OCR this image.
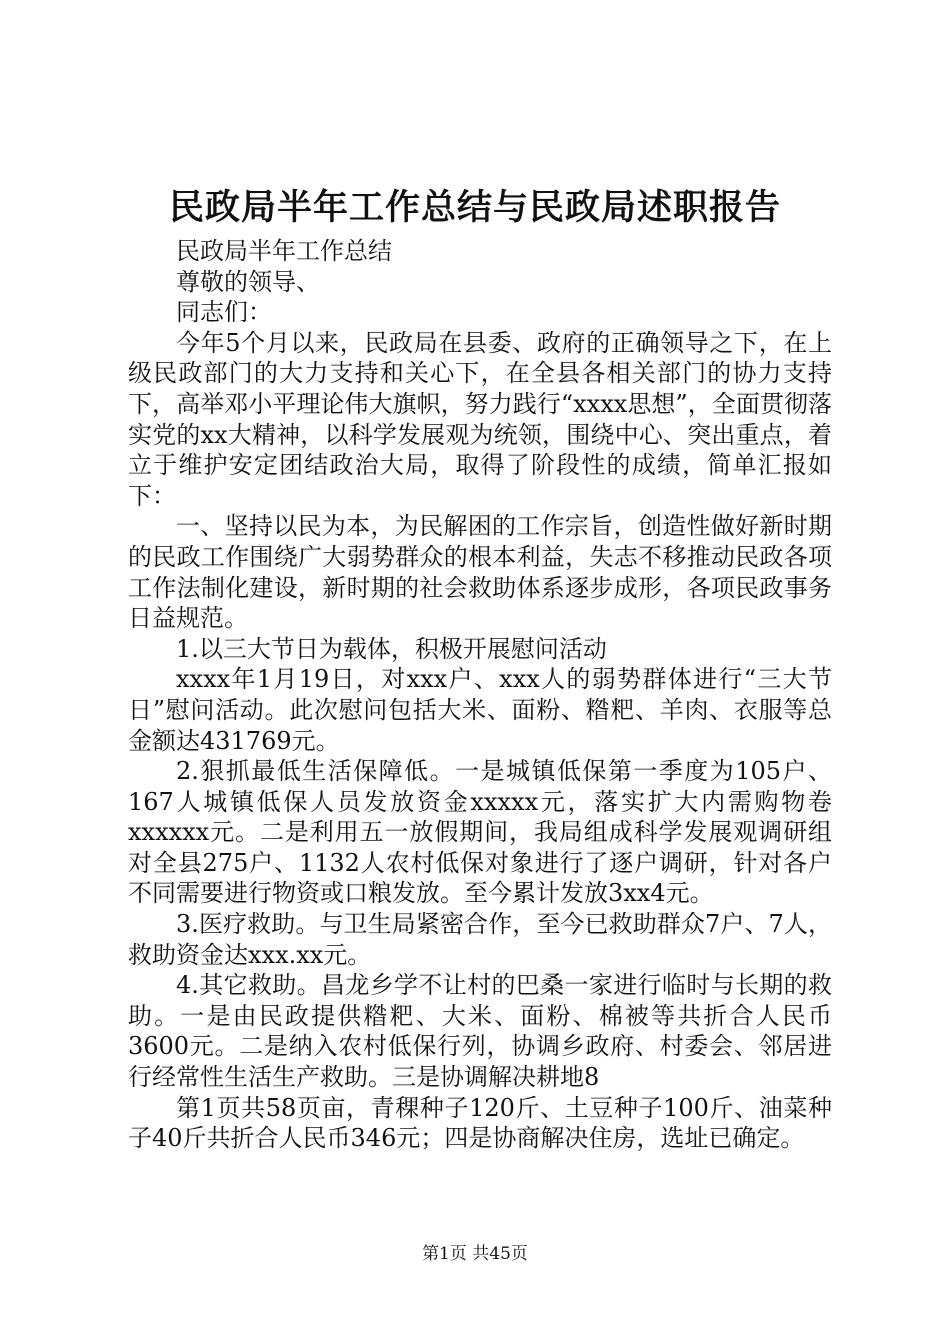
民政局半年工作总结与民政局述职报告

民政局半年工作总结

尊敬的领导、

同志们：

今年5个月以来，民政局在县委、政府的正确领导之下，在上级民政部门的大力支持和关心下，在全县各相关部门的协力支持下，高举邓小平理论伟大旗帜，努力践行“xxxx思想”，全面贯彻落实党的xx大精神，以科学发展观为统领，围绕中心、突出重点，着立于维护安定团结政治大局，取得了阶段性的成绩，简单汇报如下：

一、坚持以民为本，为民解困的工作宗旨，创造性做好新时期的民政工作围绕广大弱势群众的根本利益，失志不移推动民政各项工作法制化建设，新时期的社会救助体系逐步成形，各项民政事务日益规范。

1.以三大节日为载体，积极开展慰问活动

xxxx年1月19日，对xxx户、xxx人的弱势群体进行“三大节日”慰问活动。此次慰问包括大米、面粉、糌粑、羊肉、衣服等总金额达431769元。

2.狠抓最低生活保障低。一是城镇低保第一季度为105户、167人城镇低保人员发放资金xxxxx元，落实扩大内需购物卷xxxxxx元。二是利用五一放假期间，我局组成科学发展观调研组对全县275户、1132人农村低保对象进行了逐户调研，针对各户不同需要进行物资或口粮发放。至今累计发放3xx4元。

3.医疗救助。与卫生局紧密合作，至今已救助群众7户、7人，救助资金达xxx.xx元。

4.其它救助。昌龙乡学不让村的巴桑一家进行临时与长期的救助。一是由民政提供糌粑、大米、面粉、棉被等共折合人民币3600元。二是纳入农村低保行列，协调乡政府、村委会、邻居进行经常性生活生产救助。三是协调解决耕地8

第1页共58页亩，青稞种子120斤、土豆种子100斤、油菜种子40斤共折合人民币346元；四是协商解决住房，选址已确定。

第1页 共45页
